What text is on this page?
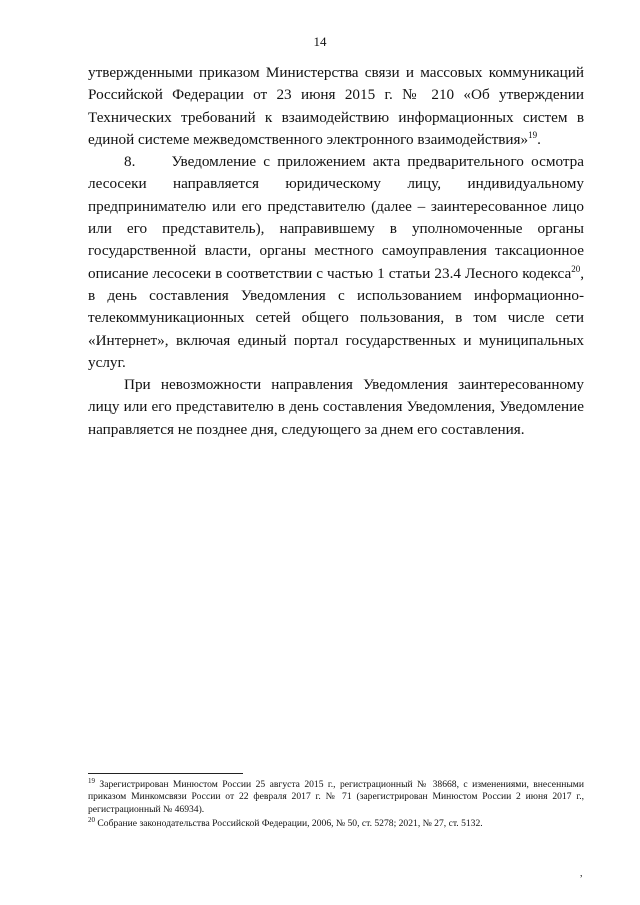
14

утвержденными приказом Министерства связи и массовых коммуникаций Российской Федерации от 23 июня 2015 г. № 210 «Об утверждении Технических требований к взаимодействию информационных систем в единой системе межведомственного электронного взаимодействия»$^{19}$.

8.     Уведомление с приложением акта предварительного осмотра лесосеки направляется юридическому лицу, индивидуальному предпринимателю или его представителю (далее – заинтересованное лицо или его представитель), направившему в уполномоченные органы государственной власти, органы местного самоуправления таксационное описание лесосеки в соответствии с частью 1 статьи 23.4 Лесного кодекса$^{20}$, в день составления Уведомления с использованием информационно-телекоммуникационных сетей общего пользования, в том числе сети «Интернет», включая единый портал государственных и муниципальных услуг.

При невозможности направления Уведомления заинтересованному лицу или его представителю в день составления Уведомления, Уведомление направляется не позднее дня, следующего за днем его составления.

$^{19}$ Зарегистрирован Минюстом России 25 августа 2015 г., регистрационный № 38668, с изменениями, внесенными приказом Минкомсвязи России от 22 февраля 2017 г. № 71 (зарегистрирован Минюстом России 2 июня 2017 г., регистрационный № 46934).

$^{20}$ Собрание законодательства Российской Федерации, 2006, № 50, ст. 5278; 2021, № 27, ст. 5132.

,
